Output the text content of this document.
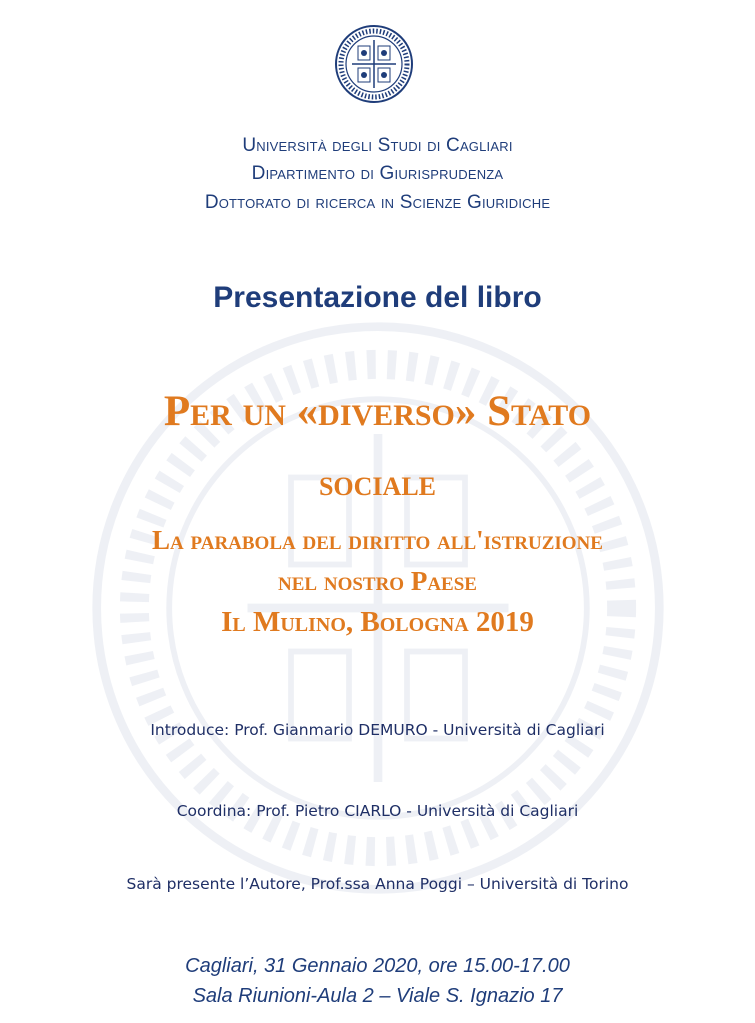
Università degli Studi di Cagliari
Dipartimento di Giurisprudenza
Dottorato di ricerca in Scienze Giuridiche
Presentazione del libro
Per un «diverso» Stato
sociale
La parabola del diritto all'istruzione
nel nostro Paese
Il Mulino, Bologna 2019
Introduce: Prof. Gianmario DEMURO - Università di Cagliari
Coordina: Prof. Pietro CIARLO - Università di Cagliari
Sarà presente l’Autore, Prof.ssa Anna Poggi – Università di Torino
Cagliari, 31 Gennaio 2020, ore 15.00-17.00
Sala Riunioni-Aula 2 – Viale S. Ignazio 17
